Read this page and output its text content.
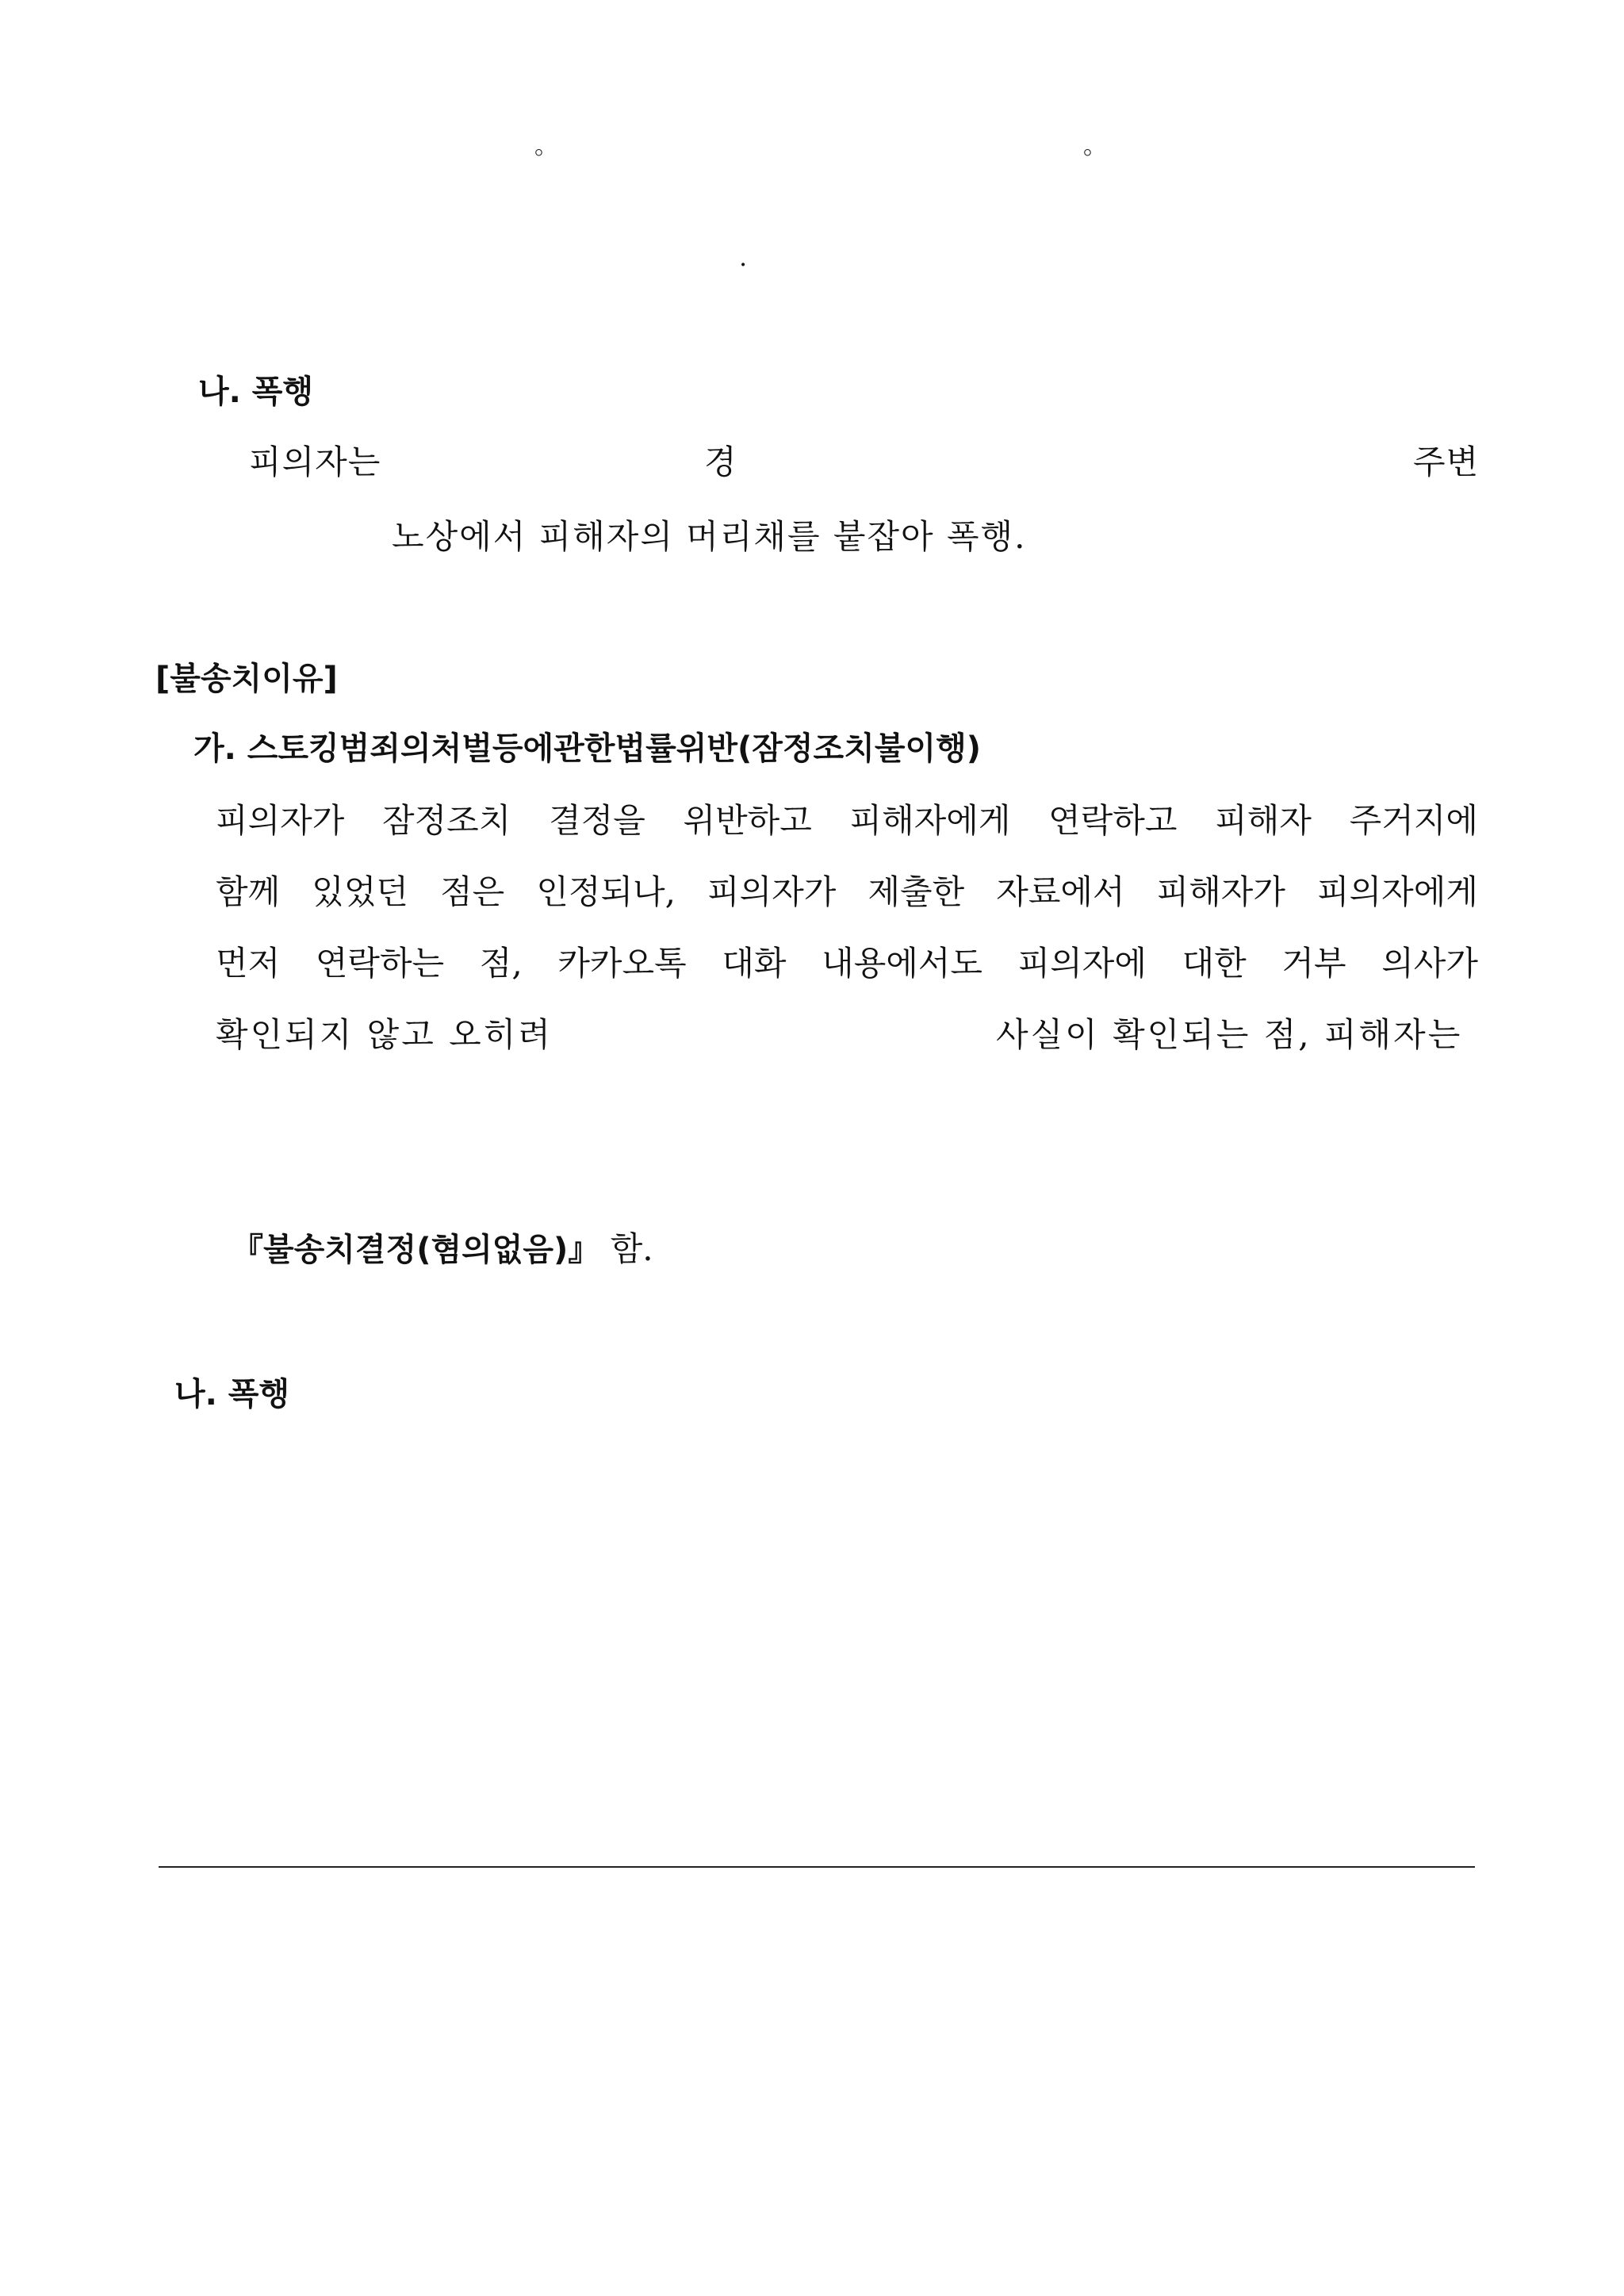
。	。
.
나. 폭행
피의자는	경	주변
노상에서 피해자의 머리채를 붙잡아 폭행.
[불송치이유]
가. 스토킹범죄의처벌등에관한법률위반(잠정조치불이행)
피의자가 잠정조치 결정을 위반하고 피해자에게 연락하고 피해자 주거지에
함께 있었던 점은 인정되나, 피의자가 제출한 자료에서 피해자가 피의자에게
먼저 연락하는 점, 카카오톡 대화 내용에서도 피의자에 대한 거부 의사가
확인되지 않고 오히려	사실이 확인되는 점, 피해자는
『불송치결정(혐의없음)』 함.
나. 폭행
